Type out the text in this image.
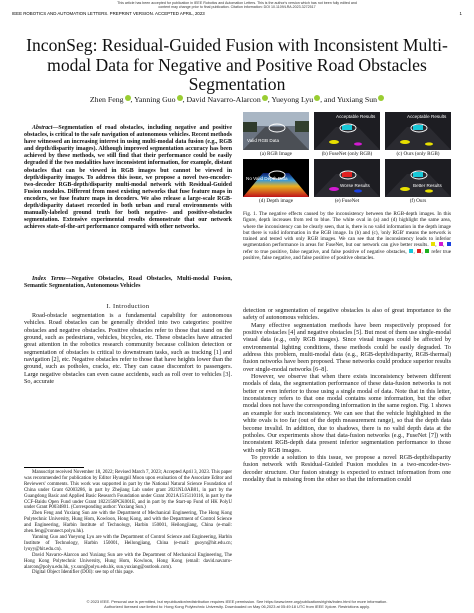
This article has been accepted for publication in IEEE Robotics and Automation Letters. This is the author's version which has not been fully edited and
content may change prior to final publication. Citation information: DOI 10.1109/LRA.2023.3272517
IEEE ROBOTICS AND AUTOMATION LETTERS. PREPRINT VERSION. ACCEPTED APRIL, 2023	1
InconSeg: Residual-Guided Fusion with Inconsistent Multi-modal Data for Negative and Positive Road Obstacles Segmentation
Zhen Feng , Yanning Guo , David Navarro-Alarcon , Yueyong Lyu , and Yuxiang Sun

Abstract—Segmentation of road obstacles, including negative and positive obstacles, is critical to the safe navigation of autonomous vehicles. Recent methods have witnessed an increasing interest in using multi-modal data fusion (e.g., RGB and depth/disparity images). Although improved segmentation accuracy has been achieved by these methods, we still find that their performance could be easily degraded if the two modalities have inconsistent information, for example, distant obstacles that can be viewed in RGB images but cannot be viewed in depth/disparity images. To address this issue, we propose a novel two-encoder-two-decoder RGB-depth/disparity multi-modal network with Residual-Guided Fusion modules. Different from most existing networks that fuse feature maps in encoders, we fuse feature maps in decoders. We also release a large-scale RGB-depth/disparity dataset recorded in both urban and rural environments with manually-labeled ground truth for both negative- and positive-obstacles segmentation. Extensive experimental results demonstrate that our network achieves state-of-the-art performance compared with other networks.

Index Terms—Negative Obstacles, Road Obstacles, Multi-modal Fusion, Semantic Segmentation, Autonomous Vehicles

I. Introduction

Road-obstacle segmentation is a fundamental capability for autonomous vehicles. Road obstacles can be generally divided into two categories: positive obstacles and negative obstacles. Positive obstacles refer to those that stand on the ground, such as pedestrians, vehicles, bicycles, etc. These obstacles have attracted great attention in the robotics research community because collision detection or segmentation of obstacles is critical to downstream tasks, such as tracking [1] and navigation [2], etc. Negative obstacles refer to those that have heights lower than the ground, such as potholes, cracks, etc. They can cause discomfort to passengers. Large negative obstacles can even cause accidents, such as roll over to vehicles [3]. So, accurate

Manuscript received November 18, 2022; Revised March 7, 2023; Accepted April 3, 2023. This paper was recommended for publication by Editor Hyungpil Moon upon evaluation of the Associate Editor and Reviewers' comments. This work was supported in part by the National Natural Science Foundation of China under Grant 62003286, in part by Zhejiang Lab under grant 2021NL0AB01, in part by the Guangdong Basic and Applied Basic Research Foundation under Grant 2021A1515110116, in part by the CCF-Baidu Open Fund under Grant 1822156PCK001E, and in part by the Start-up Fund of HK PolyU under Grant P0034801. (Corresponding author: Yuxiang Sun.)

Zhen Feng and Yuxiang Sun are with the Department of Mechanical Engineering, The Hong Kong Polytechnic University, Hung Hom, Kowloon, Hong Kong, and with the Department of Control Science and Engineering, Harbin Institute of Technology, Harbin 150001, Heilongjiang, China (e-mail: zhen.feng@connect.polyu.hk).

Yanning Guo and Yueyong Lyu are with the Department of Control Science and Engineering, Harbin Institute of Technology, Harbin 150001, Heilongjiang, China (e-mail: guoyn@hit.edu.cn; lyuyy@hit.edu.cn).

David Navarro-Alarcon and Yuxiang Sun are with the Department of Mechanical Engineering, The Hong Kong Polytechnic University, Hung Hom, Kowloon, Hong Kong (email: david.navarro-alarcon@polyu.edu.hk, yx.sun@polyu.edu.hk, sun.yuxiang@outlook.com).

Digital Object Identifier (DOI): see top of this page.

Valid RGB Data
Acceptable Results	Acceptable Results
(a) RGB Image	(b) FuseNet (only RGB)	(c) Ours (only RGB)
No Valid Depth Data
Worse Results	Better Results
(d) Depth image	(e) FuseNet	(f) Ours

Fig. 1. The negative effects caused by the inconsistency between the RGB-depth images. In this figure, depth increases from red to blue. The white oval in (a) and (d) highlight the same area, where the inconsistency can be clearly seen, that is, there is no valid information in the depth image but there is valid information in the RGB image. In (b) and (c), 'only RGB' means the network is trained and tested with only RGB images. We can see that the inconsistency leads to inferior segmentation performance in areas for FuseNet, but our network can give better results. , ,  refer to true positive, false negative, and false positive of negative obstacles, , ,  refer true positive, false negative, and false positive of positive obstacles.

detection or segmentation of negative obstacles is also of great importance to the safety of autonomous vehicles.

Many effective segmentation methods have been respectively proposed for positive obstacles [4] and negative obstacles [5]. But most of them use single-modal visual data (e.g., only RGB images). Since visual images could be affected by environmental lighting conditions, these methods could be easily degraded. To address this problem, multi-modal data (e.g., RGB-depth/disparity, RGB-thermal) fusion networks have been proposed. These networks could produce superior results over single-modal networks [6–8].

However, we observe that when there exists inconsistency between different modals of data, the segmentation performance of these data-fusion networks is not better or even inferior to those using a single modal of data. Note that in this letter, inconsistency refers to that one modal contains some information, but the other modal does not have the corresponding information in the same region. Fig. 1 shows an example for such inconsistency. We can see that the vehicle highlighted in the white ovals is too far (out of the depth measurement range), so that the depth data become invalid. In addition, due to shadows, there is no valid depth data at the potholes. Our experiments show that data-fusion networks (e.g., FuseNet [7]) with inconsistent RGB-depth data present inferior segmentation performance to those with only RGB images.

To provide a solution to this issue, we propose a novel RGB-depth/disparity fusion network with Residual-Guided Fusion modules in a two-encoder-two-decoder structure. Our fusion strategy is expected to extract information from one modality that is missing from the other so that the information could

© 2023 IEEE. Personal use is permitted, but republication/redistribution requires IEEE permission. See https://www.ieee.org/publications/rights/index.html for more information.
Authorized licensed use limited to: Hong Kong Polytechnic University. Downloaded on May 06,2023 at 05:49:18 UTC from IEEE Xplore. Restrictions apply.
